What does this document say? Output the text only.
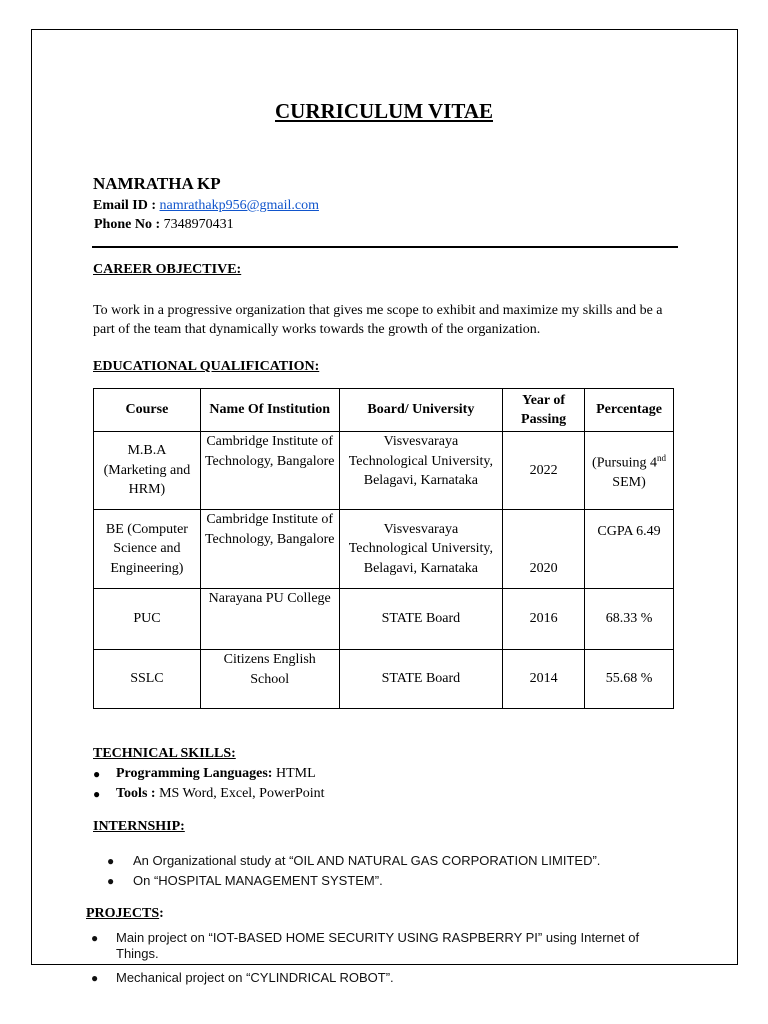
CURRICULUM VITAE
NAMRATHA KP
Email ID : namrathakp956@gmail.com
Phone No : 7348970431
CAREER OBJECTIVE:
To work in a progressive organization that gives me scope to exhibit and maximize my skills and be a part of the team that dynamically works towards the growth of the organization.
EDUCATIONAL QUALIFICATION:
Course	Name Of Institution	Board/ University	Year of Passing	Percentage
M.B.A (Marketing and HRM)	Cambridge Institute of Technology, Bangalore	Visvesvaraya Technological University, Belagavi, Karnataka	2022	(Pursuing 4nd SEM)
BE (Computer Science and Engineering)	Cambridge Institute of Technology, Bangalore	Visvesvaraya Technological University, Belagavi, Karnataka	2020	CGPA 6.49
PUC	Narayana PU College	STATE Board	2016	68.33 %
SSLC	Citizens English School	STATE Board	2014	55.68 %
TECHNICAL SKILLS:
● Programming Languages: HTML
● Tools : MS Word, Excel, PowerPoint
INTERNSHIP:
● An Organizational study at “OIL AND NATURAL GAS CORPORATION LIMITED”.
● On “HOSPITAL MANAGEMENT SYSTEM”.
PROJECTS:
● Main project on “IOT-BASED HOME SECURITY USING RASPBERRY PI” using Internet of Things.
● Mechanical project on “CYLINDRICAL ROBOT”.
